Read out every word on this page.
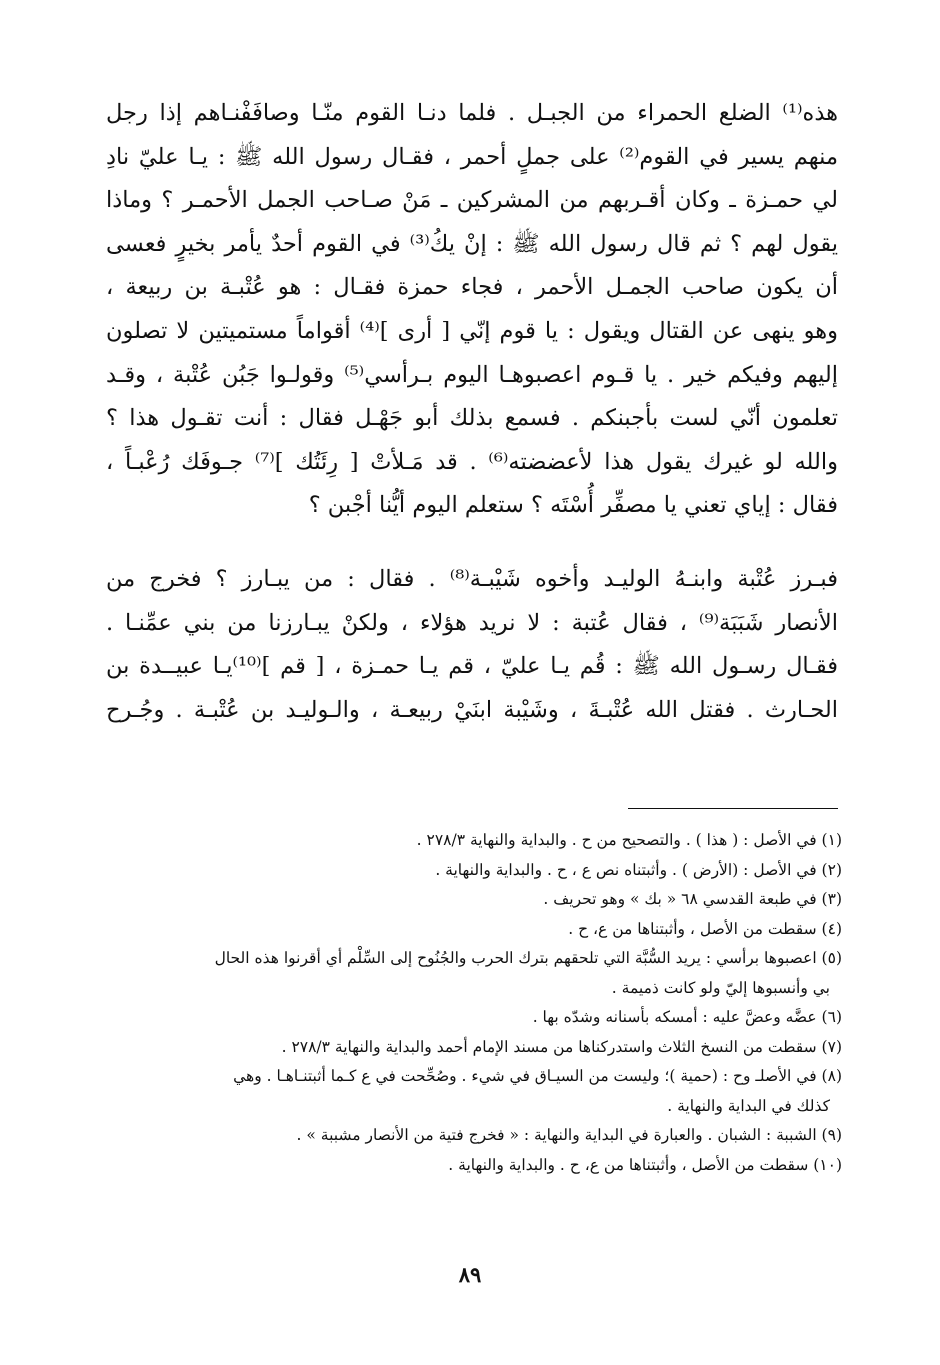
هذه⁽¹⁾ الضلع الحمراء من الجبـل . فلما دنـا القوم منّـا وصافَفْنـاهم إذا رجل
منهم يسير في القوم⁽²⁾ على جملٍ أحمر ، فقـال رسول الله ﷺ : يـا عليّ نادِ
لي حمـزة ـ وكان أقـربهم من المشركين ـ مَنْ صـاحب الجمل الأحمـر ؟ وماذا
يقول لهم ؟ ثم قال رسول الله ﷺ : إنْ يكُ⁽³⁾ في القوم أحدٌ يأمر بخيرٍ فعسى
أن يكون صاحب الجمـل الأحمر ، فجاء حمزة فقـال : هو عُتْبـة بن ربيعة ،
وهو ينهى عن القتال ويقول : يا قوم إنّي [ أرى ]⁽⁴⁾ أقواماً مستميتين لا تصلون
إليهم وفيكم خير . يا قـوم اعصبوهـا اليوم بـرأسي⁽⁵⁾ وقولـوا جَبُن عُتْبة ، وقـد
تعلمون أنّي لست بأجبنكم . فسمع بذلك أبو جَهْـل فقال : أنت تقـول هذا ؟
والله لو غيرك يقول هذا لأعضضته⁽⁶⁾ . قد مَـلأتْ [ رِئَتُك ]⁽⁷⁾ جـوفَك رُعْبـاً ،
فقال : إياي تعني يا مصفِّر أُسْتَه ؟ ستعلم اليوم أيُّنا أجْبن ؟

فبـرز عُتْبة وابنـهُ الوليـد وأخوه شَيْبـة⁽⁸⁾ . فقال : من يبـارز ؟ فخرج من
الأنصار شَبَبَة⁽⁹⁾ ، فقال عُتبة : لا نريد هؤلاء ، ولكنْ يبـارزنا من بني عمِّنـا .
فقـال رسـول الله ﷺ : قُم يـا عليّ ، قم يـا حمـزة ، [ قم ]⁽¹⁰⁾يـا عبيــدة بن
الحـارث . فقتل الله عُتْبـةَ ، وشَيْبة ابنَيْ ربيعـة ، والـوليـد بن عُتْبـة . وجُـرح

(١) في الأصل : ( هذا ) . والتصحيح من ح . والبداية والنهاية ٢٧٨/٣ .
(٢) في الأصل : (الأرض ) . وأثبتناه نص ع ، ح . والبداية والنهاية .
(٣) في طبعة القدسي ٦٨ « بك » وهو تحريف .
(٤) سقطت من الأصل ، وأثبتناها من ع، ح .
(٥) اعصبوها برأسي : يريد السُّبَّة التي تلحقهم بترك الحرب والجُنُوح إلى السِّلْم أي أقرنوا هذه الحال
بي وأنسبوها إليّ ولو كانت ذميمة .
(٦) عضَّه وعضَّ عليه : أمسكه بأسنانه وشدّه بها .
(٧) سقطت من النسخ الثلاث واستدركناها من مسند الإمام أحمد والبداية والنهاية ٢٧٨/٣ .
(٨) في الأصلـ وح : (حمية )؛ وليست من السيـاق في شيء . وصُحِّحت في ع كـما أثبتنـاهـا . وهي
كذلك في البداية والنهاية .
(٩) الشببة : الشبان . والعبارة في البداية والنهاية : « فخرج فتية من الأنصار مشببة » .
(١٠) سقطت من الأصل ، وأثبتناها من ع، ح . والبداية والنهاية .
٨٩
